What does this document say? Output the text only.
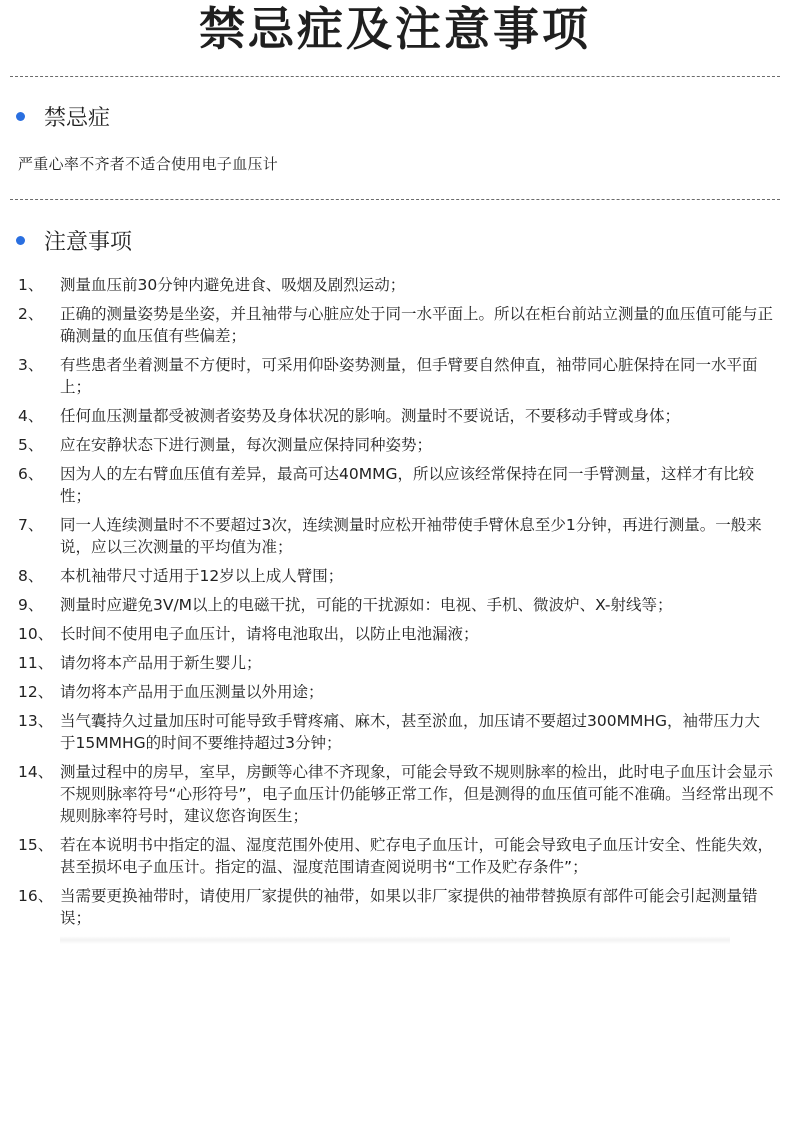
禁忌症及注意事项
禁忌症

严重心率不齐者不适合使用电子血压计

注意事项
1、	测量血压前30分钟内避免进食、吸烟及剧烈运动；
2、	正确的测量姿势是坐姿，并且袖带与心脏应处于同一水平面上。所以在柜台前站立测量的血压值可能与正确测量的血压值有些偏差；
3、	有些患者坐着测量不方便时，可采用仰卧姿势测量，但手臂要自然伸直，袖带同心脏保持在同一水平面上；
4、	任何血压测量都受被测者姿势及身体状况的影响。测量时不要说话，不要移动手臂或身体；
5、	应在安静状态下进行测量，每次测量应保持同种姿势；
6、	因为人的左右臂血压值有差异，最高可达40MMG，所以应该经常保持在同一手臂测量，这样才有比较性；
7、	同一人连续测量时不不要超过3次，连续测量时应松开袖带使手臂休息至少1分钟，再进行测量。一般来说，应以三次测量的平均值为准；
8、	本机袖带尺寸适用于12岁以上成人臂围；
9、	测量时应避免3V/M以上的电磁干扰，可能的干扰源如：电视、手机、微波炉、X-射线等；
10、 长时间不使用电子血压计，请将电池取出，以防止电池漏液；
11、 请勿将本产品用于新生婴儿；
12、 请勿将本产品用于血压测量以外用途；
13、 当气囊持久过量加压时可能导致手臂疼痛、麻木，甚至淤血，加压请不要超过300MMHG，袖带压力大于15MMHG的时间不要维持超过3分钟；
14、 测量过程中的房早，室早，房颤等心律不齐现象，可能会导致不规则脉率的检出，此时电子血压计会显示不规则脉率符号“心形符号”，电子血压计仍能够正常工作，但是测得的血压值可能不准确。当经常出现不规则脉率符号时，建议您咨询医生；
15、 若在本说明书中指定的温、湿度范围外使用、贮存电子血压计，可能会导致电子血压计安全、性能失效，甚至损坏电子血压计。指定的温、湿度范围请查阅说明书“工作及贮存条件”；
16、 当需要更换袖带时，请使用厂家提供的袖带，如果以非厂家提供的袖带替换原有部件可能会引起测量错误；
